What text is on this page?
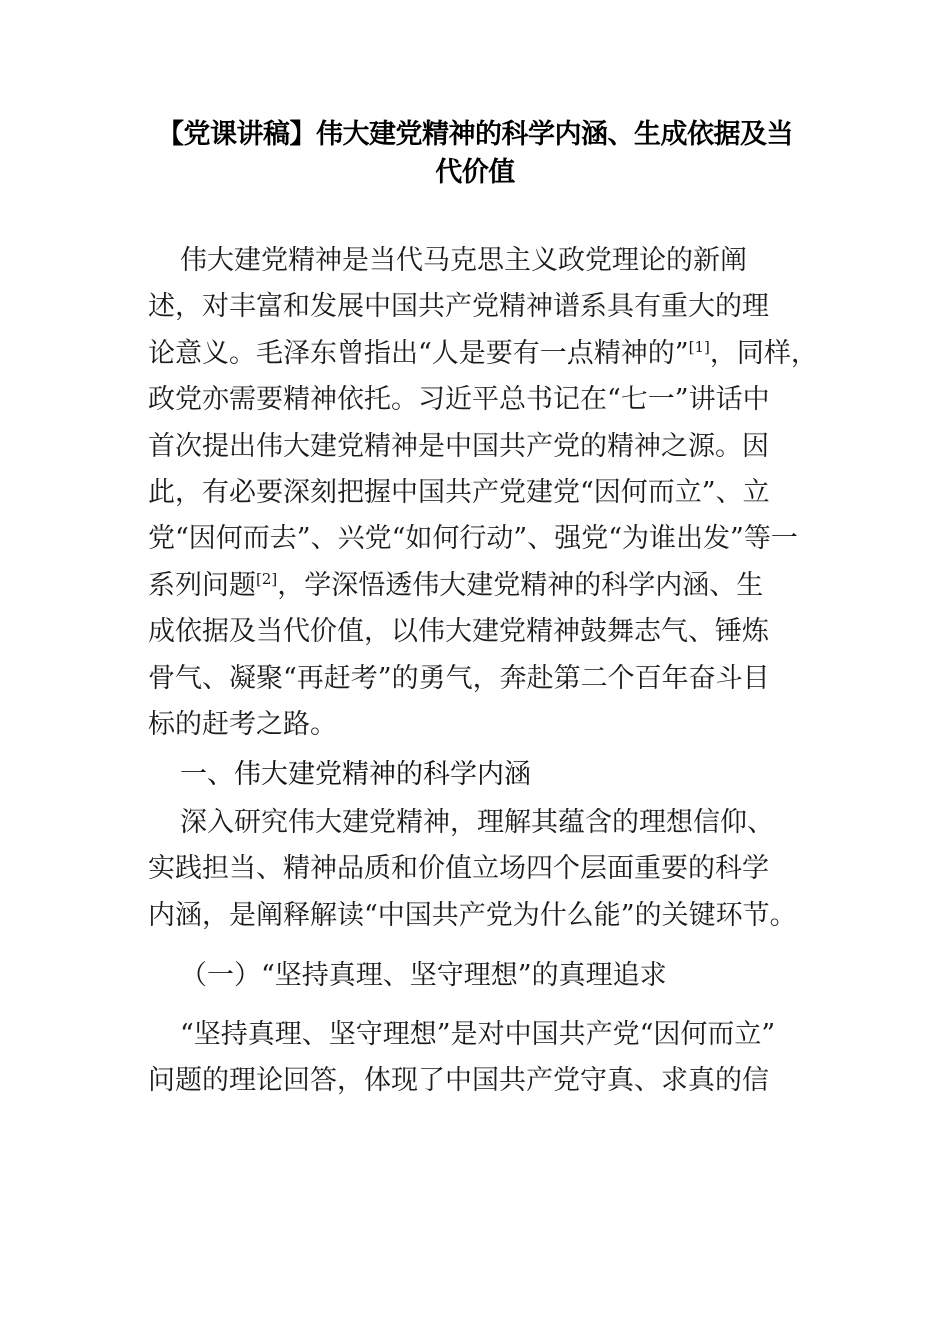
【党课讲稿】伟大建党精神的科学内涵、生成依据及当
代价值
伟大建党精神是当代马克思主义政党理论的新阐
述，对丰富和发展中国共产党精神谱系具有重大的理
论意义。毛泽东曾指出“人是要有一点精神的”[1]，同样，
政党亦需要精神依托。习近平总书记在“七一”讲话中
首次提出伟大建党精神是中国共产党的精神之源。因
此，有必要深刻把握中国共产党建党“因何而立”、立
党“因何而去”、兴党“如何行动”、强党“为谁出发”等一
系列问题[2]，学深悟透伟大建党精神的科学内涵、生
成依据及当代价值，以伟大建党精神鼓舞志气、锤炼
骨气、凝聚“再赶考”的勇气，奔赴第二个百年奋斗目
标的赶考之路。
一、伟大建党精神的科学内涵
深入研究伟大建党精神，理解其蕴含的理想信仰、
实践担当、精神品质和价值立场四个层面重要的科学
内涵，是阐释解读“中国共产党为什么能”的关键环节。
（一）“坚持真理、坚守理想”的真理追求
“坚持真理、坚守理想”是对中国共产党“因何而立”
问题的理论回答，体现了中国共产党守真、求真的信
